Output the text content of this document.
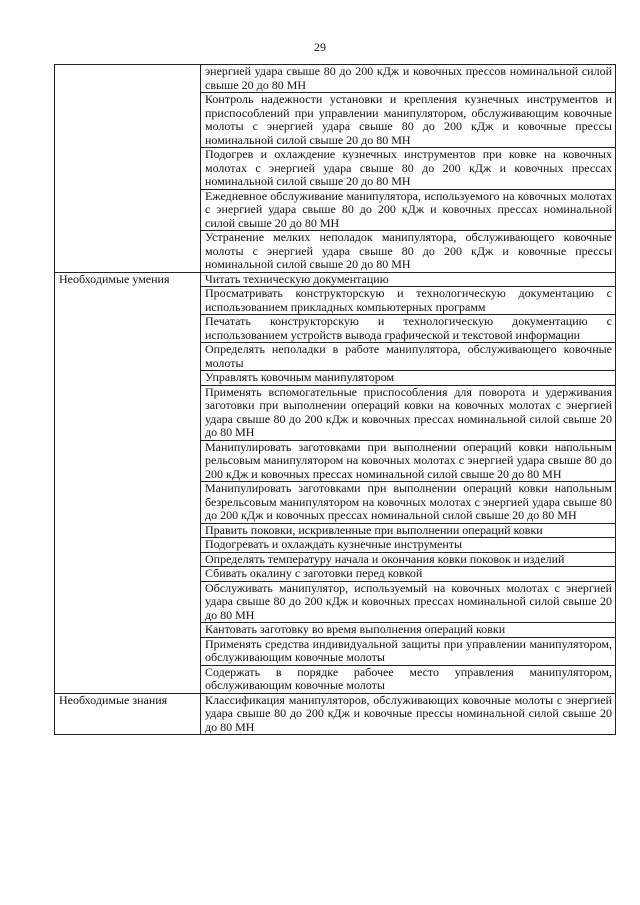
29

	энергией удара свыше 80 до 200 кДж и ковочных прессов номинальной силой свыше 20 до 80 МН

	Контроль надежности установки и крепления кузнечных инструментов и приспособлений при управлении манипулятором, обслуживающим ковочные молоты с энергией удара свыше 80 до 200 кДж и ковочные прессы номинальной силой свыше 20 до 80 МН

	Подогрев и охлаждение кузнечных инструментов при ковке на ковочных молотах с энергией удара свыше 80 до 200 кДж и ковочных прессах номинальной силой свыше 20 до 80 МН

	Ежедневное обслуживание манипулятора, используемого на ковочных молотах с энергией удара свыше 80 до 200 кДж и ковочных прессах номинальной силой свыше 20 до 80 МН

	Устранение мелких неполадок манипулятора, обслуживающего ковочные молоты с энергией удара свыше 80 до 200 кДж и ковочные прессы номинальной силой свыше 20 до 80 МН

Необходимые умения	Читать техническую документацию

	Просматривать конструкторскую и технологическую документацию с использованием прикладных компьютерных программ

	Печатать конструкторскую и технологическую документацию с использованием устройств вывода графической и текстовой информации

	Определять неполадки в работе манипулятора, обслуживающего ковочные молоты

	Управлять ковочным манипулятором

	Применять вспомогательные приспособления для поворота и удерживания заготовки при выполнении операций ковки на ковочных молотах с энергией удара свыше 80 до 200 кДж и ковочных прессах номинальной силой свыше 20 до 80 МН

	Манипулировать заготовками при выполнении операций ковки напольным рельсовым манипулятором на ковочных молотах с энергией удара свыше 80 до 200 кДж и ковочных прессах номинальной силой свыше 20 до 80 МН

	Манипулировать заготовками при выполнении операций ковки напольным безрельсовым манипулятором на ковочных молотах с энергией удара свыше 80 до 200 кДж и ковочных прессах номинальной силой свыше 20 до 80 МН

	Править поковки, искривленные при выполнении операций ковки

	Подогревать и охлаждать кузнечные инструменты

	Определять температуру начала и окончания ковки поковок и изделий

	Сбивать окалину с заготовки перед ковкой

	Обслуживать манипулятор, используемый на ковочных молотах с энергией удара свыше 80 до 200 кДж и ковочных прессах номинальной силой свыше 20 до 80 МН

	Кантовать заготовку во время выполнения операций ковки

	Применять средства индивидуальной защиты при управлении манипулятором, обслуживающим ковочные молоты

	Содержать в порядке рабочее место управления манипулятором, обслуживающим ковочные молоты

Необходимые знания	Классификация манипуляторов, обслуживающих ковочные молоты с энергией удара свыше 80 до 200 кДж и ковочные прессы номинальной силой свыше 20 до 80 МН
